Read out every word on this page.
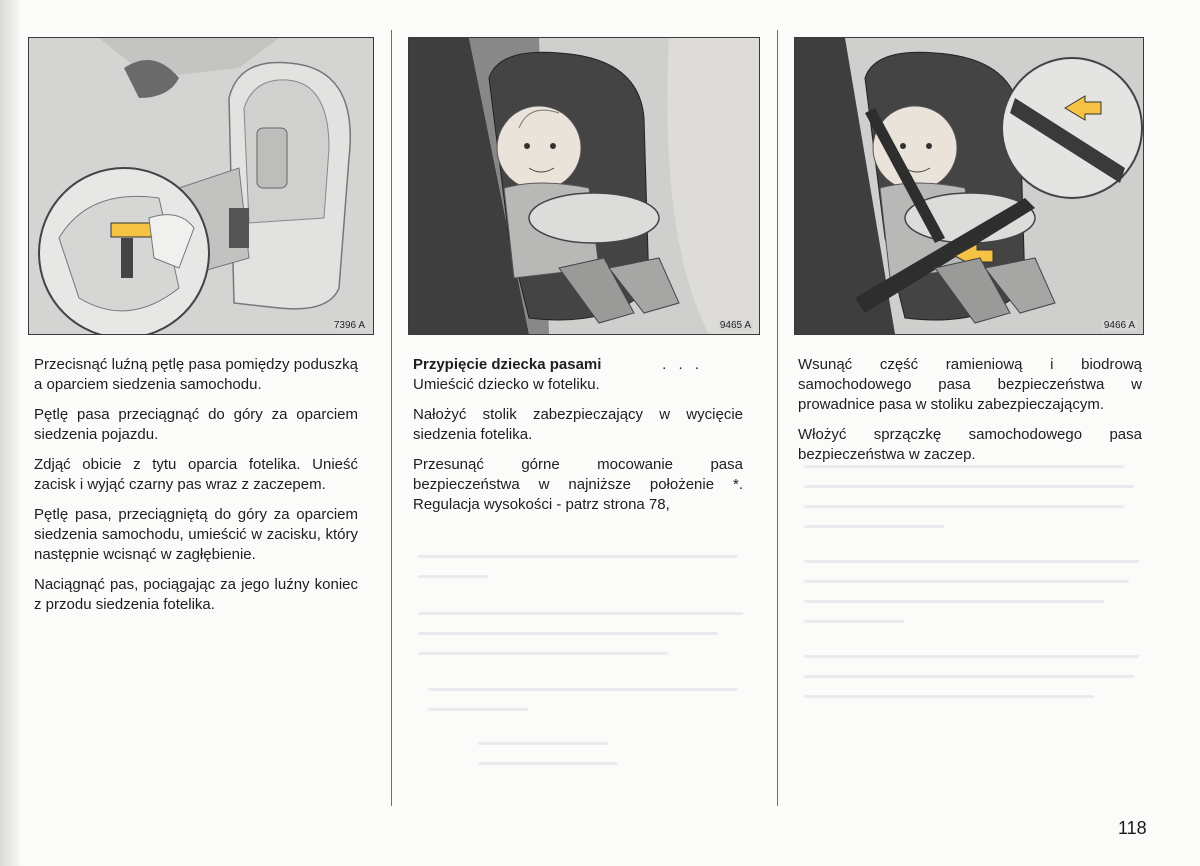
7396 A

Przecisnąć luźną pętlę pasa pomiędzy poduszką a oparciem siedzenia samochodu.

Pętlę pasa przeciągnąć do góry za oparciem siedzenia pojazdu.

Zdjąć obicie z tytu oparcia fotelika. Unieść zacisk i wyjąć czarny pas wraz z zaczepem.

Pętlę pasa, przeciągniętą do góry za oparciem siedzenia samochodu, umieścić w zacisku, który następnie wcisnąć w zagłębienie.

Naciągnąć pas, pociągając za jego luźny koniec z przodu siedzenia fotelika.

9465 A

Przypięcie dziecka pasami	. . .

Umieścić dziecko w foteliku.

Nałożyć stolik zabezpieczający w wycięcie siedzenia fotelika.

Przesunąć górne mocowanie pasa bezpieczeństwa w najniższe położenie *. Regulacja wysokości - patrz strona 78,

9466 A

Wsunąć część ramieniową i biodrową samochodowego pasa bezpieczeństwa w prowadnice pasa w stoliku zabezpieczającym.

Włożyć sprzączkę samochodowego pasa bezpieczeństwa w zaczep.

118
